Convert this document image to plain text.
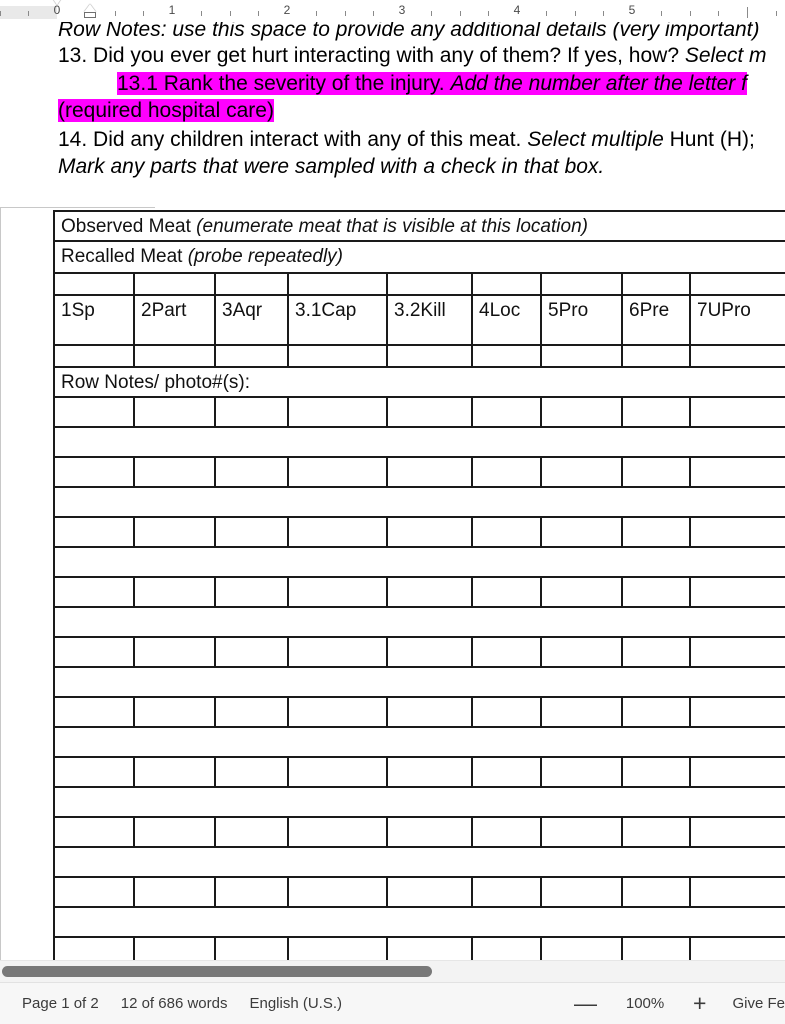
0	1	2	3	4	5
Row Notes: use this space to provide any additional details (very important)
13. Did you ever get hurt interacting with any of them? If yes, how? Select m
13.1 Rank the severity of the injury. Add the number after the letter f
(required hospital care)
14. Did any children interact with any of this meat. Select multiple Hunt (H);
Mark any parts that were sampled with a check in that box.
Observed Meat (enumerate meat that is visible at this location)
Recalled Meat (probe repeatedly)
1Sp	2Part	3Aqr	3.1Cap	3.2Kill	4Loc	5Pro	6Pre	7UPro
Row Notes/ photo#(s):
Page 1 of 2 12 of 686 words English (U.S.)	— 100% + Give Fe
